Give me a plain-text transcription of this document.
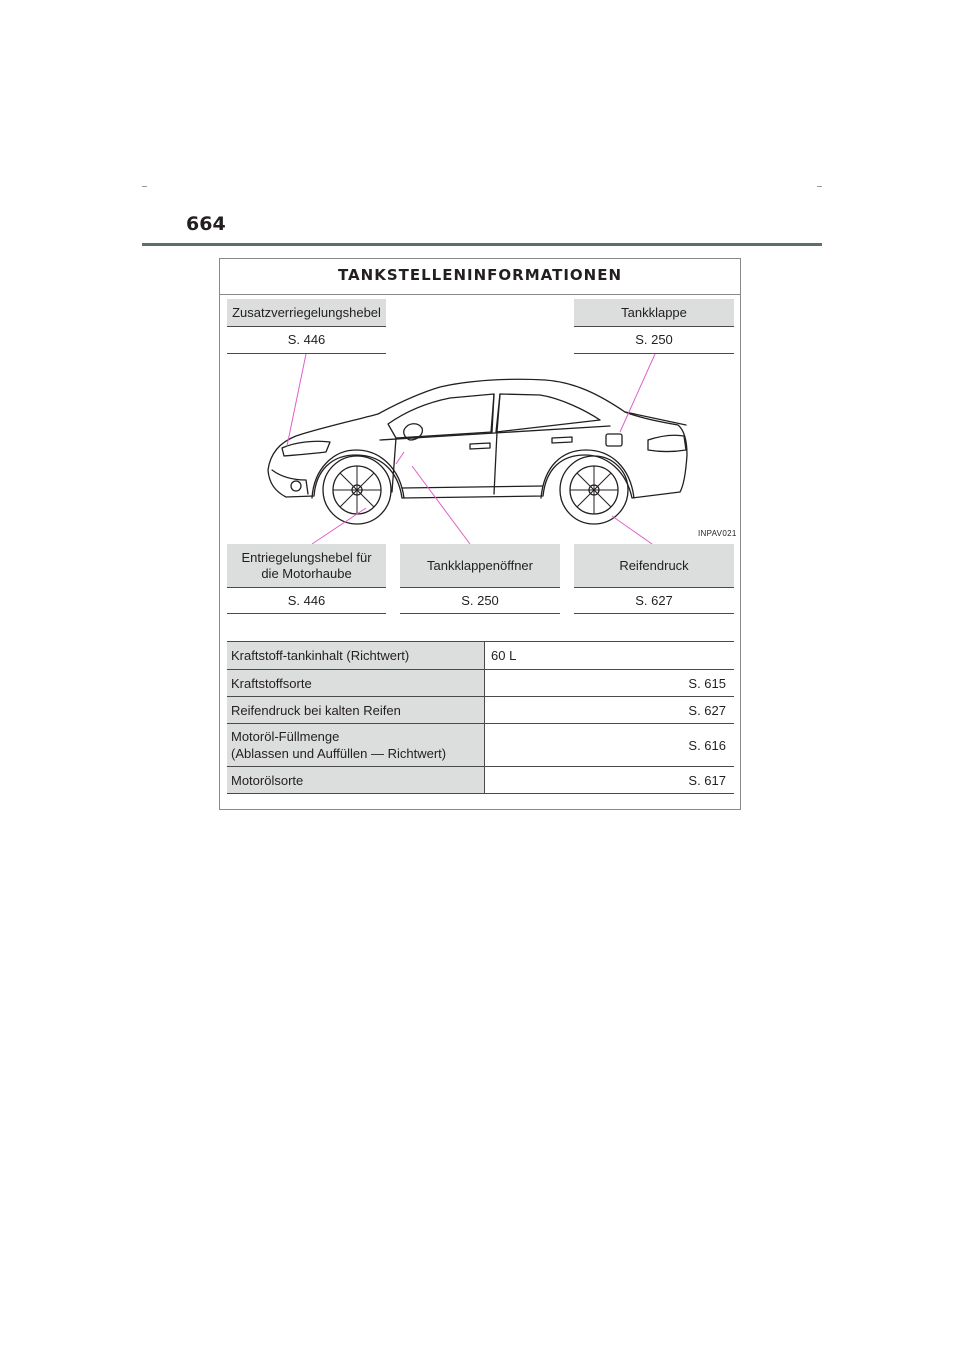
664
TANKSTELLENINFORMATIONEN
Zusatzverriegelungshebel
S. 446
Tankklappe
S. 250
INPAV021
Entriegelungshebel für
die Motorhaube
S. 446
Tankklappenöffner
S. 250
Reifendruck
S. 627
Kraftstoff-tankinhalt (Richtwert)	60 L
Kraftstoffsorte	S. 615
Reifendruck bei kalten Reifen	S. 627

Motoröl-Füllmenge
(Ablassen und Auffüllen — Richtwert)	S. 616
Motorölsorte	S. 617
